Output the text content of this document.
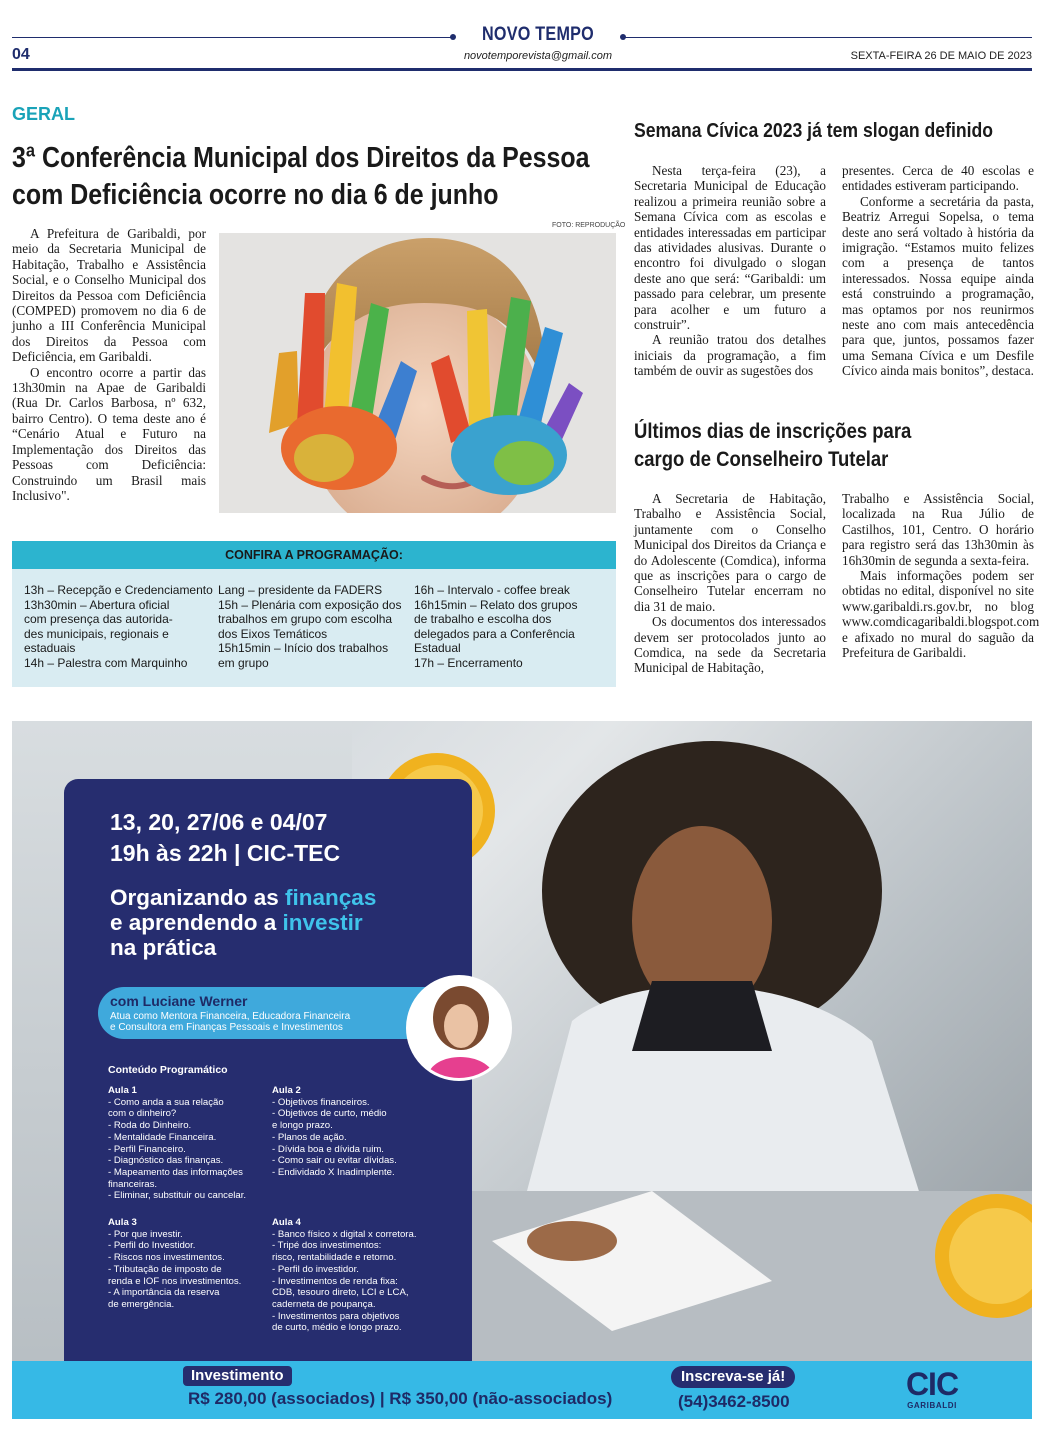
NOVO TEMPO
04	novotemporevista@gmail.com	SEXTA-FEIRA 26 DE MAIO DE 2023
GERAL
3ª Conferência Municipal dos Direitos da Pessoa
com Deficiência ocorre no dia 6 de junho

A Prefeitura de Garibaldi, por meio da Secretaria Municipal de Habitação, Trabalho e Assistência Social, e o Conselho Municipal dos Direitos da Pessoa com Deficiência (COMPED) promovem no dia 6 de junho a III Conferência Municipal dos Direitos da Pessoa com Deficiência, em Garibaldi.

O encontro ocorre a partir das 13h30min na Apae de Garibaldi (Rua Dr. Carlos Barbosa, nº 632, bairro Centro). O tema deste ano é “Cenário Atual e Futuro na Implementação dos Direitos das Pessoas com Deficiência: Construindo um Brasil mais Inclusivo".

FOTO: REPRODUÇÃO
CONFIRA A PROGRAMAÇÃO:
13h – Recepção e Credenciamento
13h30min – Abertura oficial
com presença das autorida-
des municipais, regionais e
estaduais
14h – Palestra com Marquinho
Lang – presidente da FADERS
15h – Plenária com exposição dos
trabalhos em grupo com escolha
dos Eixos Temáticos
15h15min – Início dos trabalhos
em grupo
16h – Intervalo - coffee break
16h15min – Relato dos grupos
de trabalho e escolha dos
delegados para a Conferência
Estadual
17h – Encerramento
Semana Cívica 2023 já tem slogan definido

Nesta terça-feira (23), a Secretaria Municipal de Educação realizou a primeira reunião sobre a Semana Cívica com as escolas e entidades interessadas em participar das atividades alusivas. Durante o encontro foi divulgado o slogan deste ano que será: “Garibaldi: um passado para celebrar, um presente para acolher e um futuro a construir”.

A reunião tratou dos detalhes iniciais da programação, a fim também de ouvir as sugestões dos

presentes. Cerca de 40 escolas e entidades estiveram participando.

Conforme a secretária da pasta, Beatriz Arregui Sopelsa, o tema deste ano será voltado à história da imigração. “Estamos muito felizes com a presença de tantos interessados. Nossa equipe ainda está construindo a programação, mas optamos por nos reunirmos neste ano com mais antecedência para que, juntos, possamos fazer uma Semana Cívica e um Desfile Cívico ainda mais bonitos”, destaca.

Últimos dias de inscrições para
cargo de Conselheiro Tutelar

A Secretaria de Habitação, Trabalho e Assistência Social, juntamente com o Conselho Municipal dos Direitos da Criança e do Adolescente (Comdica), informa que as inscrições para o cargo de Conselheiro Tutelar encerram no dia 31 de maio.

Os documentos dos interessados devem ser protocolados junto ao Comdica, na sede da Secretaria Municipal de Habitação,

Trabalho e Assistência Social, localizada na Rua Júlio de Castilhos, 101, Centro. O horário para registro será das 13h30min às 16h30min de segunda a sexta-feira.

Mais informações podem ser obtidas no edital, disponível no site www.garibaldi.rs.gov.br, no blog www.comdicagaribaldi.blogspot.com e afixado no mural do saguão da Prefeitura de Garibaldi.

13, 20, 27/06 e 04/07
19h às 22h | CIC-TEC
Organizando as finanças
e aprendendo a investir
na prática
com Luciane Werner
Atua como Mentora Financeira, Educadora Financeira
e Consultora em Finanças Pessoais e Investimentos
Conteúdo Programático
Aula 1
- Como anda a sua relação
com o dinheiro?
- Roda do Dinheiro.
- Mentalidade Financeira.
- Perfil Financeiro.
- Diagnóstico das finanças.
- Mapeamento das informações
financeiras.
- Eliminar, substituir ou cancelar.
Aula 2
- Objetivos financeiros.
- Objetivos de curto, médio
e longo prazo.
- Planos de ação.
- Dívida boa e dívida ruim.
- Como sair ou evitar dívidas.
- Endividado X Inadimplente.
Aula 3
- Por que investir.
- Perfil do Investidor.
- Riscos nos investimentos.
- Tributação de imposto de
renda e IOF nos investimentos.
- A importância da reserva
de emergência.
Aula 4
- Banco físico x digital x corretora.
- Tripé dos investimentos:
risco, rentabilidade e retorno.
- Perfil do investidor.
- Investimentos de renda fixa:
CDB, tesouro direto, LCI e LCA,
caderneta de poupança.
- Investimentos para objetivos
de curto, médio e longo prazo.
Investimento
R$ 280,00 (associados) | R$ 350,00 (não-associados)
Inscreva-se já!
(54)3462-8500	CIC
GARIBALDI
